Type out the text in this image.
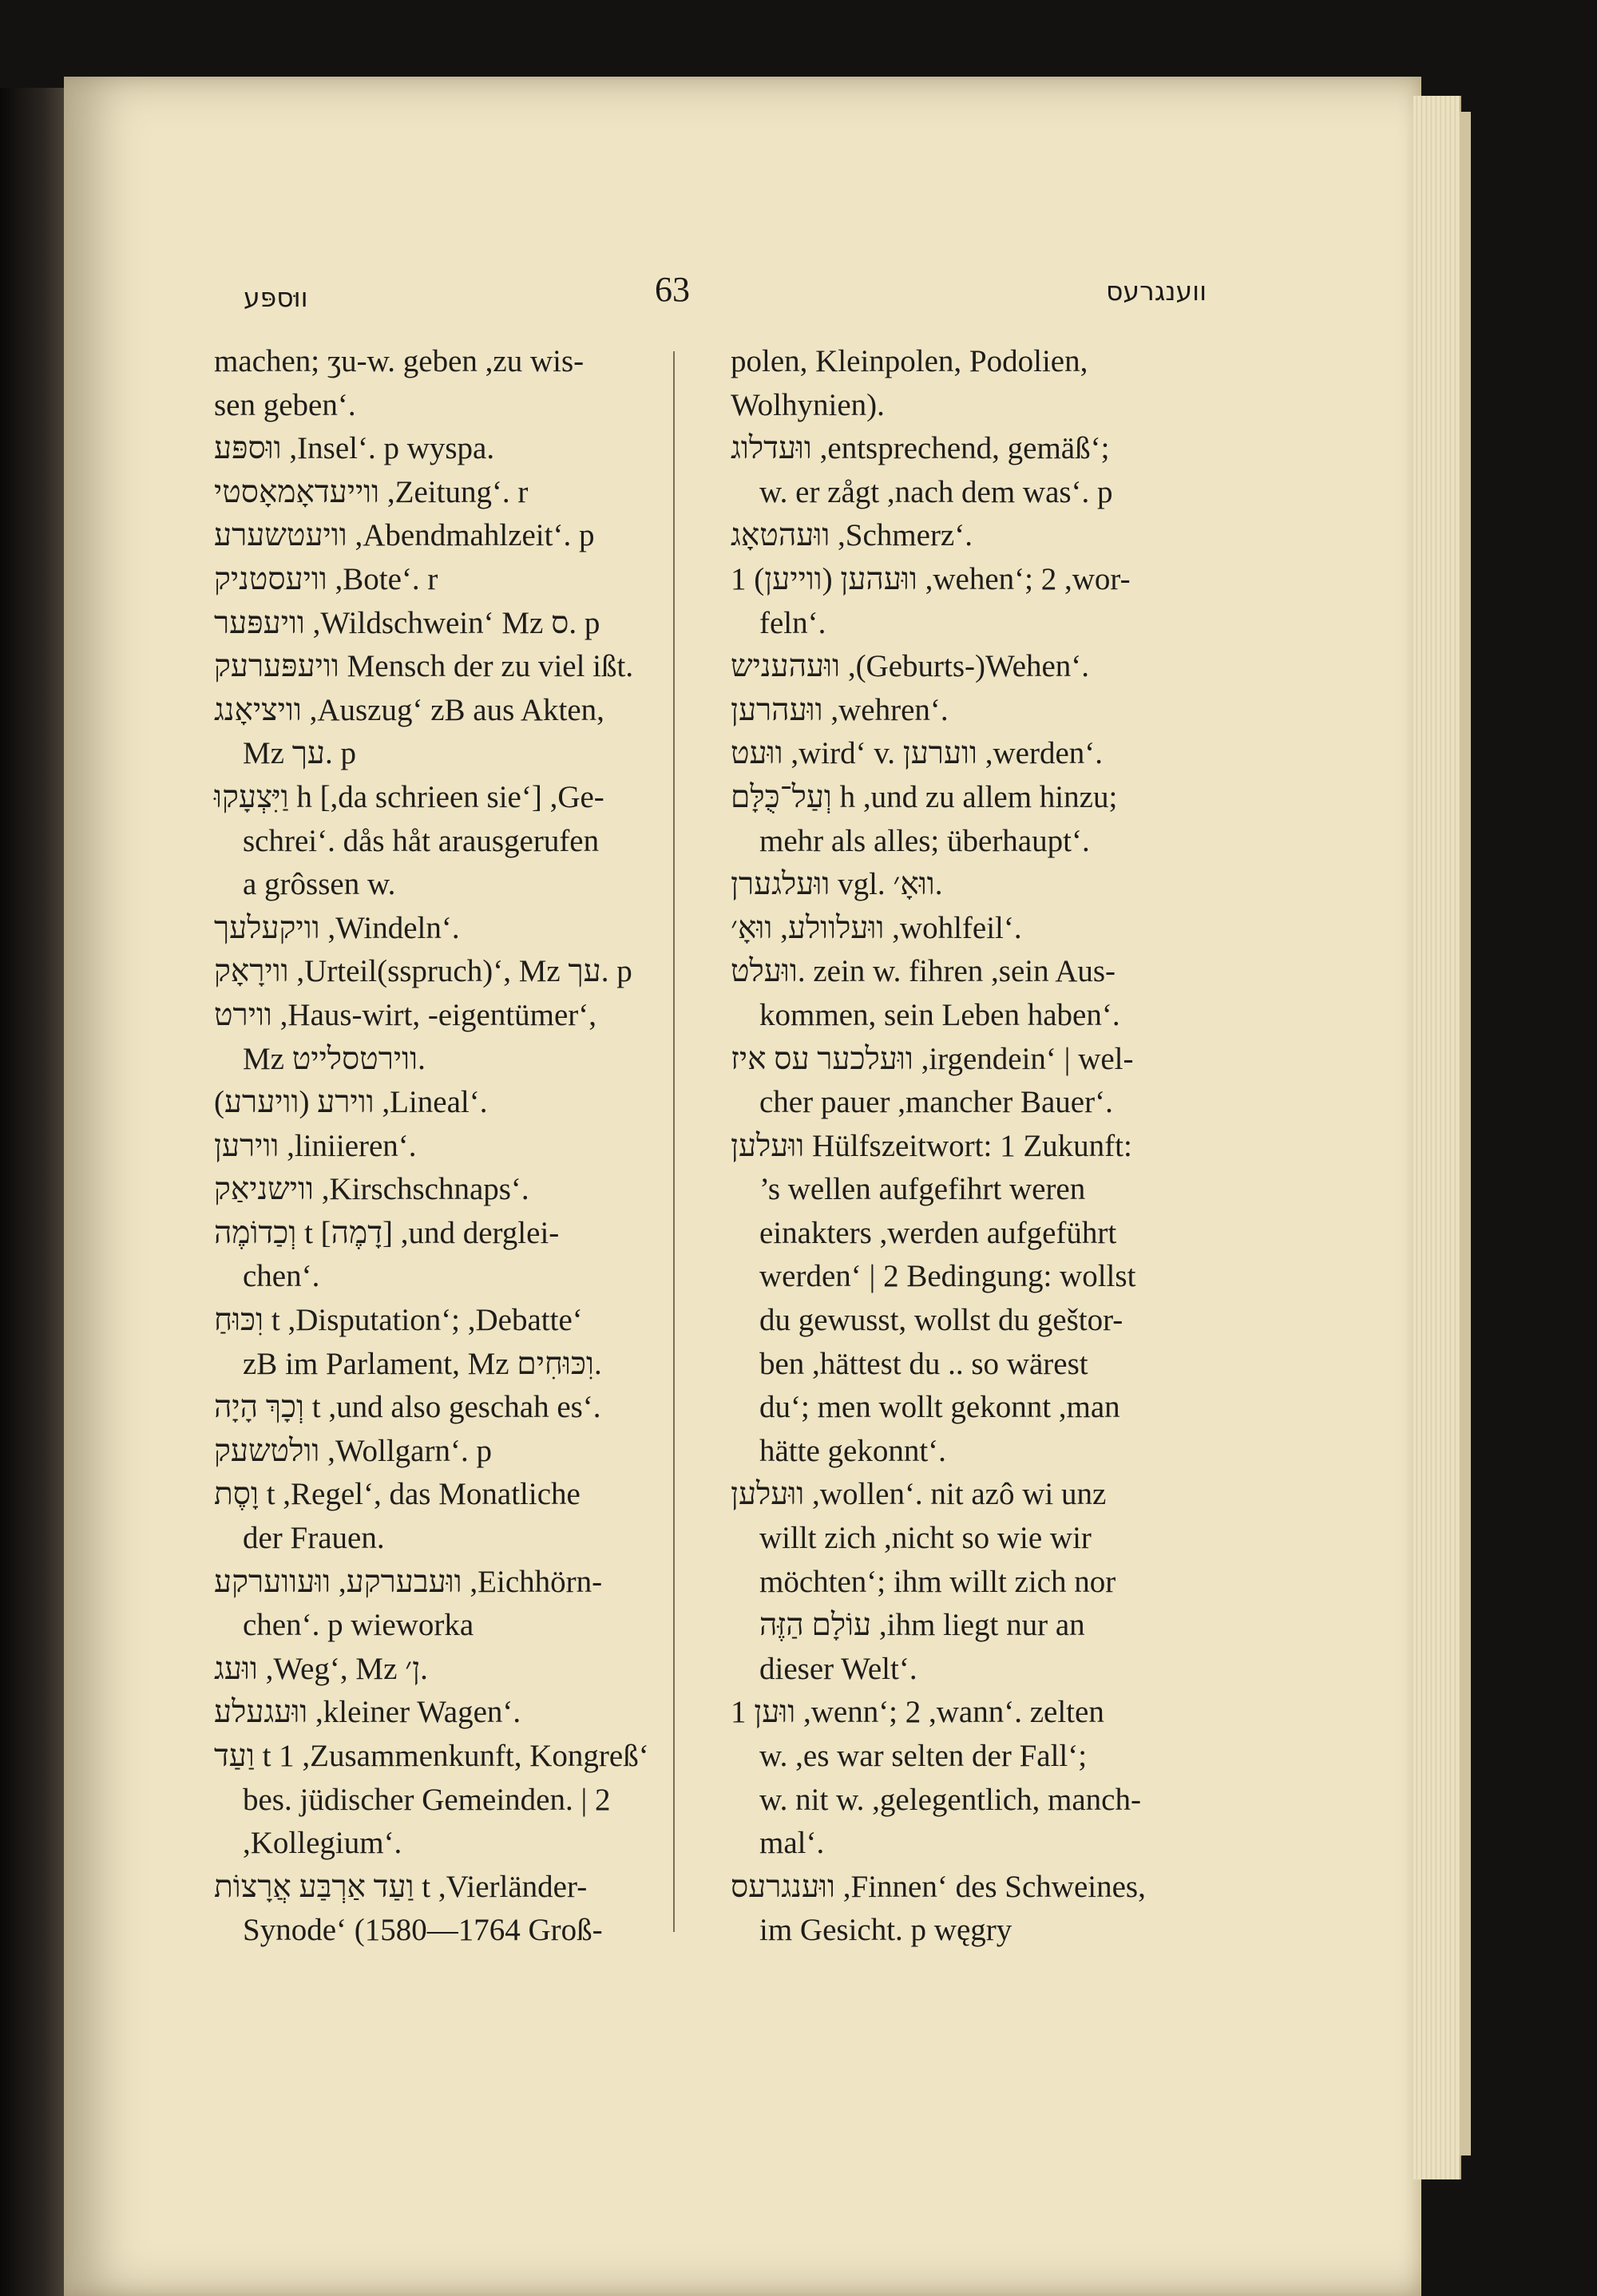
ווּספּע	63	ווענגרעס
machen; ʒu-w. geben ,zu wis-
sen geben‘.
ווּספּע ,Insel‘. p wyspa.
ווייעדאָמאָסטי ,Zeitung‘. r
וויעטשערע ,Abendmahlzeit‘. p
וויעסטניק ,Bote‘. r
וויעפּער ,Wildschwein‘ Mz ס. p
וויעפּערעק Mensch der zu viel ißt.
וויציאָנג ,Auszug‘ zB aus Akten,
Mz עך. p
וַיִּצְעָקוּ h [,da schrieen sie‘] ,Ge-
schrei‘. dås håt arausgerufen
a grôssen w.
וויקעלעך ,Windeln‘.
ווירָאָק ,Urteil(sspruch)‘, Mz עך. p
ווירט ,Haus-wirt, -eigentümer‘,
Mz ווירטסלייט.
ווירע (וויערע) ,Lineal‘.
ווירען ,liniieren‘.
ווישניאַק ,Kirschschnaps‘.
וְכַדוֹמֶה t [דָמֶה] ,und derglei-
chen‘.
וִכּוּחַ t ,Disputation‘; ,Debatte‘
zB im Parlament, Mz וִכּוּחִים.
וְכָךְ הָיָה t ,und also geschah es‘.
וולטשעק ,Wollgarn‘. p
וָסֶת t ,Regel‘, das Monatliche
der Frauen.
ווּעבערקע, ווּעווערקע ,Eichhörn-
chen‘. p wieworka
ווּעג ,Weg‘, Mz ן׳.
ווּעגעלע ,kleiner Wagen‘.
וַעַד t 1 ,Zusammenkunft, Kongreß‘
bes. jüdischer Gemeinden. | 2
,Kollegium‘.
וַעַד אַרְבַּע אֲרָצוֹת t ,Vierländer-
Synode‘ (1580—1764 Groß-
polen, Kleinpolen, Podolien,
Wolhynien).
ווּעדלוג ,entsprechend, gemäß‘;
w. er zågt ,nach dem was‘. p
ווּעהטאָג ,Schmerz‘.
ווּעהען (ווייען) 1 ,wehen‘; 2 ,wor-
feln‘.
ווּעהעניש ,(Geburts-)Wehen‘.
ווּעהרען ,wehren‘.
ווּעט ,wird‘ v. ווערען ,werden‘.
וְעַל־כֻּלָּם h ,und zu allem hinzu;
mehr als alles; überhaupt‘.
ווּעלגערן vgl. ווּאָ׳.
ווּעלוולע, ווּאָ׳ ,wohlfeil‘.
ווּעלט. zein w. fihren ,sein Aus-
kommen, sein Leben haben‘.
ווּעלכער עס איז ,irgendein‘ | wel-
cher pauer ,mancher Bauer‘.
ווּעלען Hülfszeitwort: 1 Zukunft:
’s wellen aufgefihrt weren
einakters ,werden aufgeführt
werden‘ | 2 Bedingung: wollst
du gewusst, wollst du geštor-
ben ,hättest du .. so wärest
du‘; men wollt gekonnt ,man
hätte gekonnt‘.
ווּעלען ,wollen‘. nit azô wi unz
willt zich ,nicht so wie wir
möchten‘; ihm willt zich nor
עוֹלָם הַזֶּה ,ihm liegt nur an
dieser Welt‘.
ווּען 1 ,wenn‘; 2 ,wann‘. zelten
w. ,es war selten der Fall‘;
w. nit w. ,gelegentlich, manch-
mal‘.
ווּענגרעס ,Finnen‘ des Schweines,
im Gesicht. p węgry
